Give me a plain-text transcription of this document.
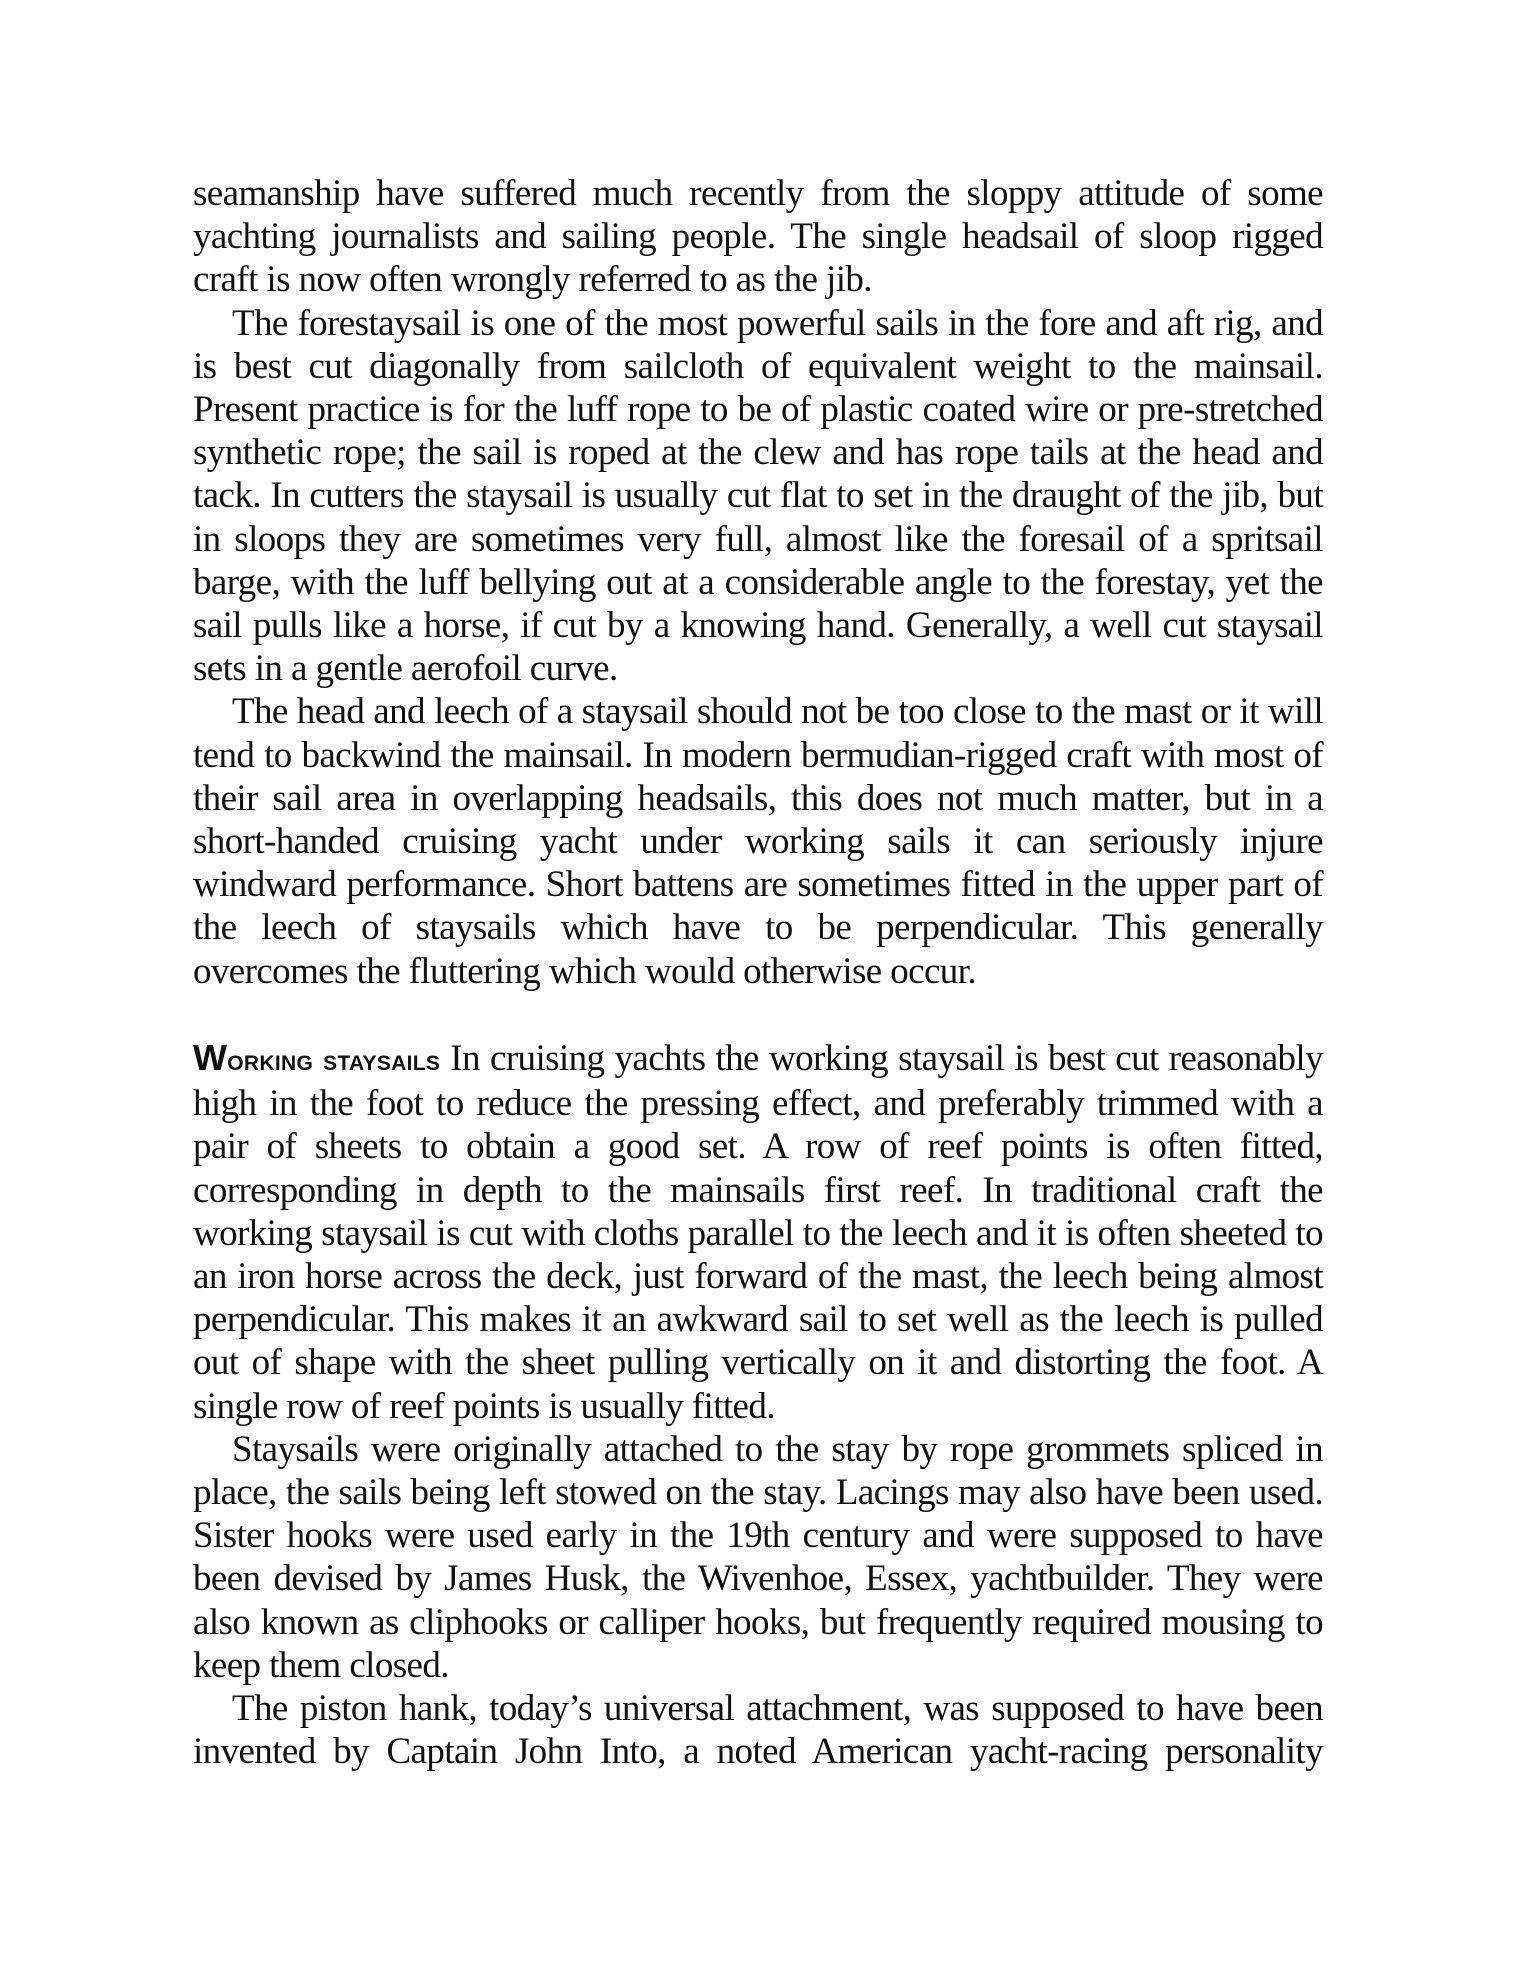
seamanship have suffered much recently from the sloppy attitude of some yachting journalists and sailing people. The single headsail of sloop rigged craft is now often wrongly referred to as the jib.

The forestaysail is one of the most powerful sails in the fore and aft rig, and is best cut diagonally from sailcloth of equivalent weight to the mainsail. Present practice is for the luff rope to be of plastic coated wire or pre-stretched synthetic rope; the sail is roped at the clew and has rope tails at the head and tack. In cutters the staysail is usually cut flat to set in the draught of the jib, but in sloops they are sometimes very full, almost like the foresail of a spritsail barge, with the luff bellying out at a considerable angle to the forestay, yet the sail pulls like a horse, if cut by a knowing hand. Generally, a well cut staysail sets in a gentle aerofoil curve.

The head and leech of a staysail should not be too close to the mast or it will tend to backwind the mainsail. In modern bermudian-rigged craft with most of their sail area in overlapping headsails, this does not much matter, but in a short-handed cruising yacht under working sails it can seriously injure windward performance. Short battens are sometimes fitted in the upper part of the leech of staysails which have to be perpendicular. This generally overcomes the fluttering which would otherwise occur.

Working staysails In cruising yachts the working staysail is best cut reasonably high in the foot to reduce the pressing effect, and preferably trimmed with a pair of sheets to obtain a good set. A row of reef points is often fitted, corresponding in depth to the mainsails first reef. In traditional craft the working staysail is cut with cloths parallel to the leech and it is often sheeted to an iron horse across the deck, just forward of the mast, the leech being almost perpendicular. This makes it an awkward sail to set well as the leech is pulled out of shape with the sheet pulling vertically on it and distorting the foot. A single row of reef points is usually fitted.

Staysails were originally attached to the stay by rope grommets spliced in place, the sails being left stowed on the stay. Lacings may also have been used. Sister hooks were used early in the 19th century and were supposed to have been devised by James Husk, the Wivenhoe, Essex, yachtbuilder. They were also known as cliphooks or calliper hooks, but frequently required mousing to keep them closed.

The piston hank, today’s universal attachment, was supposed to have been invented by Captain John Into, a noted American yacht-racing personality
